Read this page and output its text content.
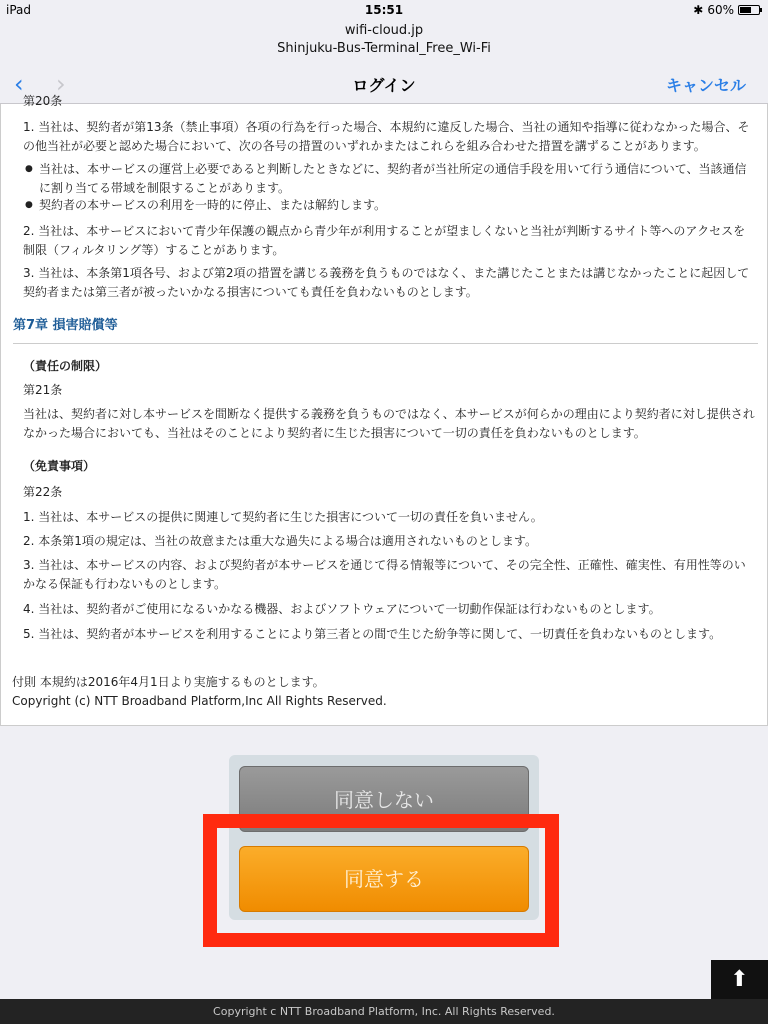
iPad	15:51	✱ 60%
wifi-cloud.jp
Shinjuku-Bus-Terminal_Free_Wi-Fi
‹ ›	ログイン	キャンセル
第20条
1. 当社は、契約者が第13条（禁止事項）各項の行為を行った場合、本規約に違反した場合、当社の通知や指導に従わなかった場合、その他当社が必要と認めた場合において、次の各号の措置のいずれかまたはこれらを組み合わせた措置を講ずることがあります。
● 当社は、本サービスの運営上必要であると判断したときなどに、契約者が当社所定の通信手段を用いて行う通信について、当該通信に割り当てる帯域を制限することがあります。
● 契約者の本サービスの利用を一時的に停止、または解約します。
2. 当社は、本サービスにおいて青少年保護の観点から青少年が利用することが望ましくないと当社が判断するサイト等へのアクセスを制限（フィルタリング等）することがあります。
3. 当社は、本条第1項各号、および第2項の措置を講じる義務を負うものではなく、また講じたことまたは講じなかったことに起因して契約者または第三者が被ったいかなる損害についても責任を負わないものとします。
第7章 損害賠償等
（責任の制限）
第21条
当社は、契約者に対し本サービスを間断なく提供する義務を負うものではなく、本サービスが何らかの理由により契約者に対し提供されなかった場合においても、当社はそのことにより契約者に生じた損害について一切の責任を負わないものとします。
（免責事項）
第22条
1. 当社は、本サービスの提供に関連して契約者に生じた損害について一切の責任を負いません。
2. 本条第1項の規定は、当社の故意または重大な過失による場合は適用されないものとします。
3. 当社は、本サービスの内容、および契約者が本サービスを通じて得る情報等について、その完全性、正確性、確実性、有用性等のいかなる保証も行わないものとします。
4. 当社は、契約者がご使用になるいかなる機器、およびソフトウェアについて一切動作保証は行わないものとします。
5. 当社は、契約者が本サービスを利用することにより第三者との間で生じた紛争等に関して、一切責任を負わないものとします。
付則 本規約は2016年4月1日より実施するものとします。
Copyright (c) NTT Broadband Platform,Inc All Rights Reserved.
同意しない
同意する
⬆
Copyright c NTT Broadband Platform, Inc. All Rights Reserved.
